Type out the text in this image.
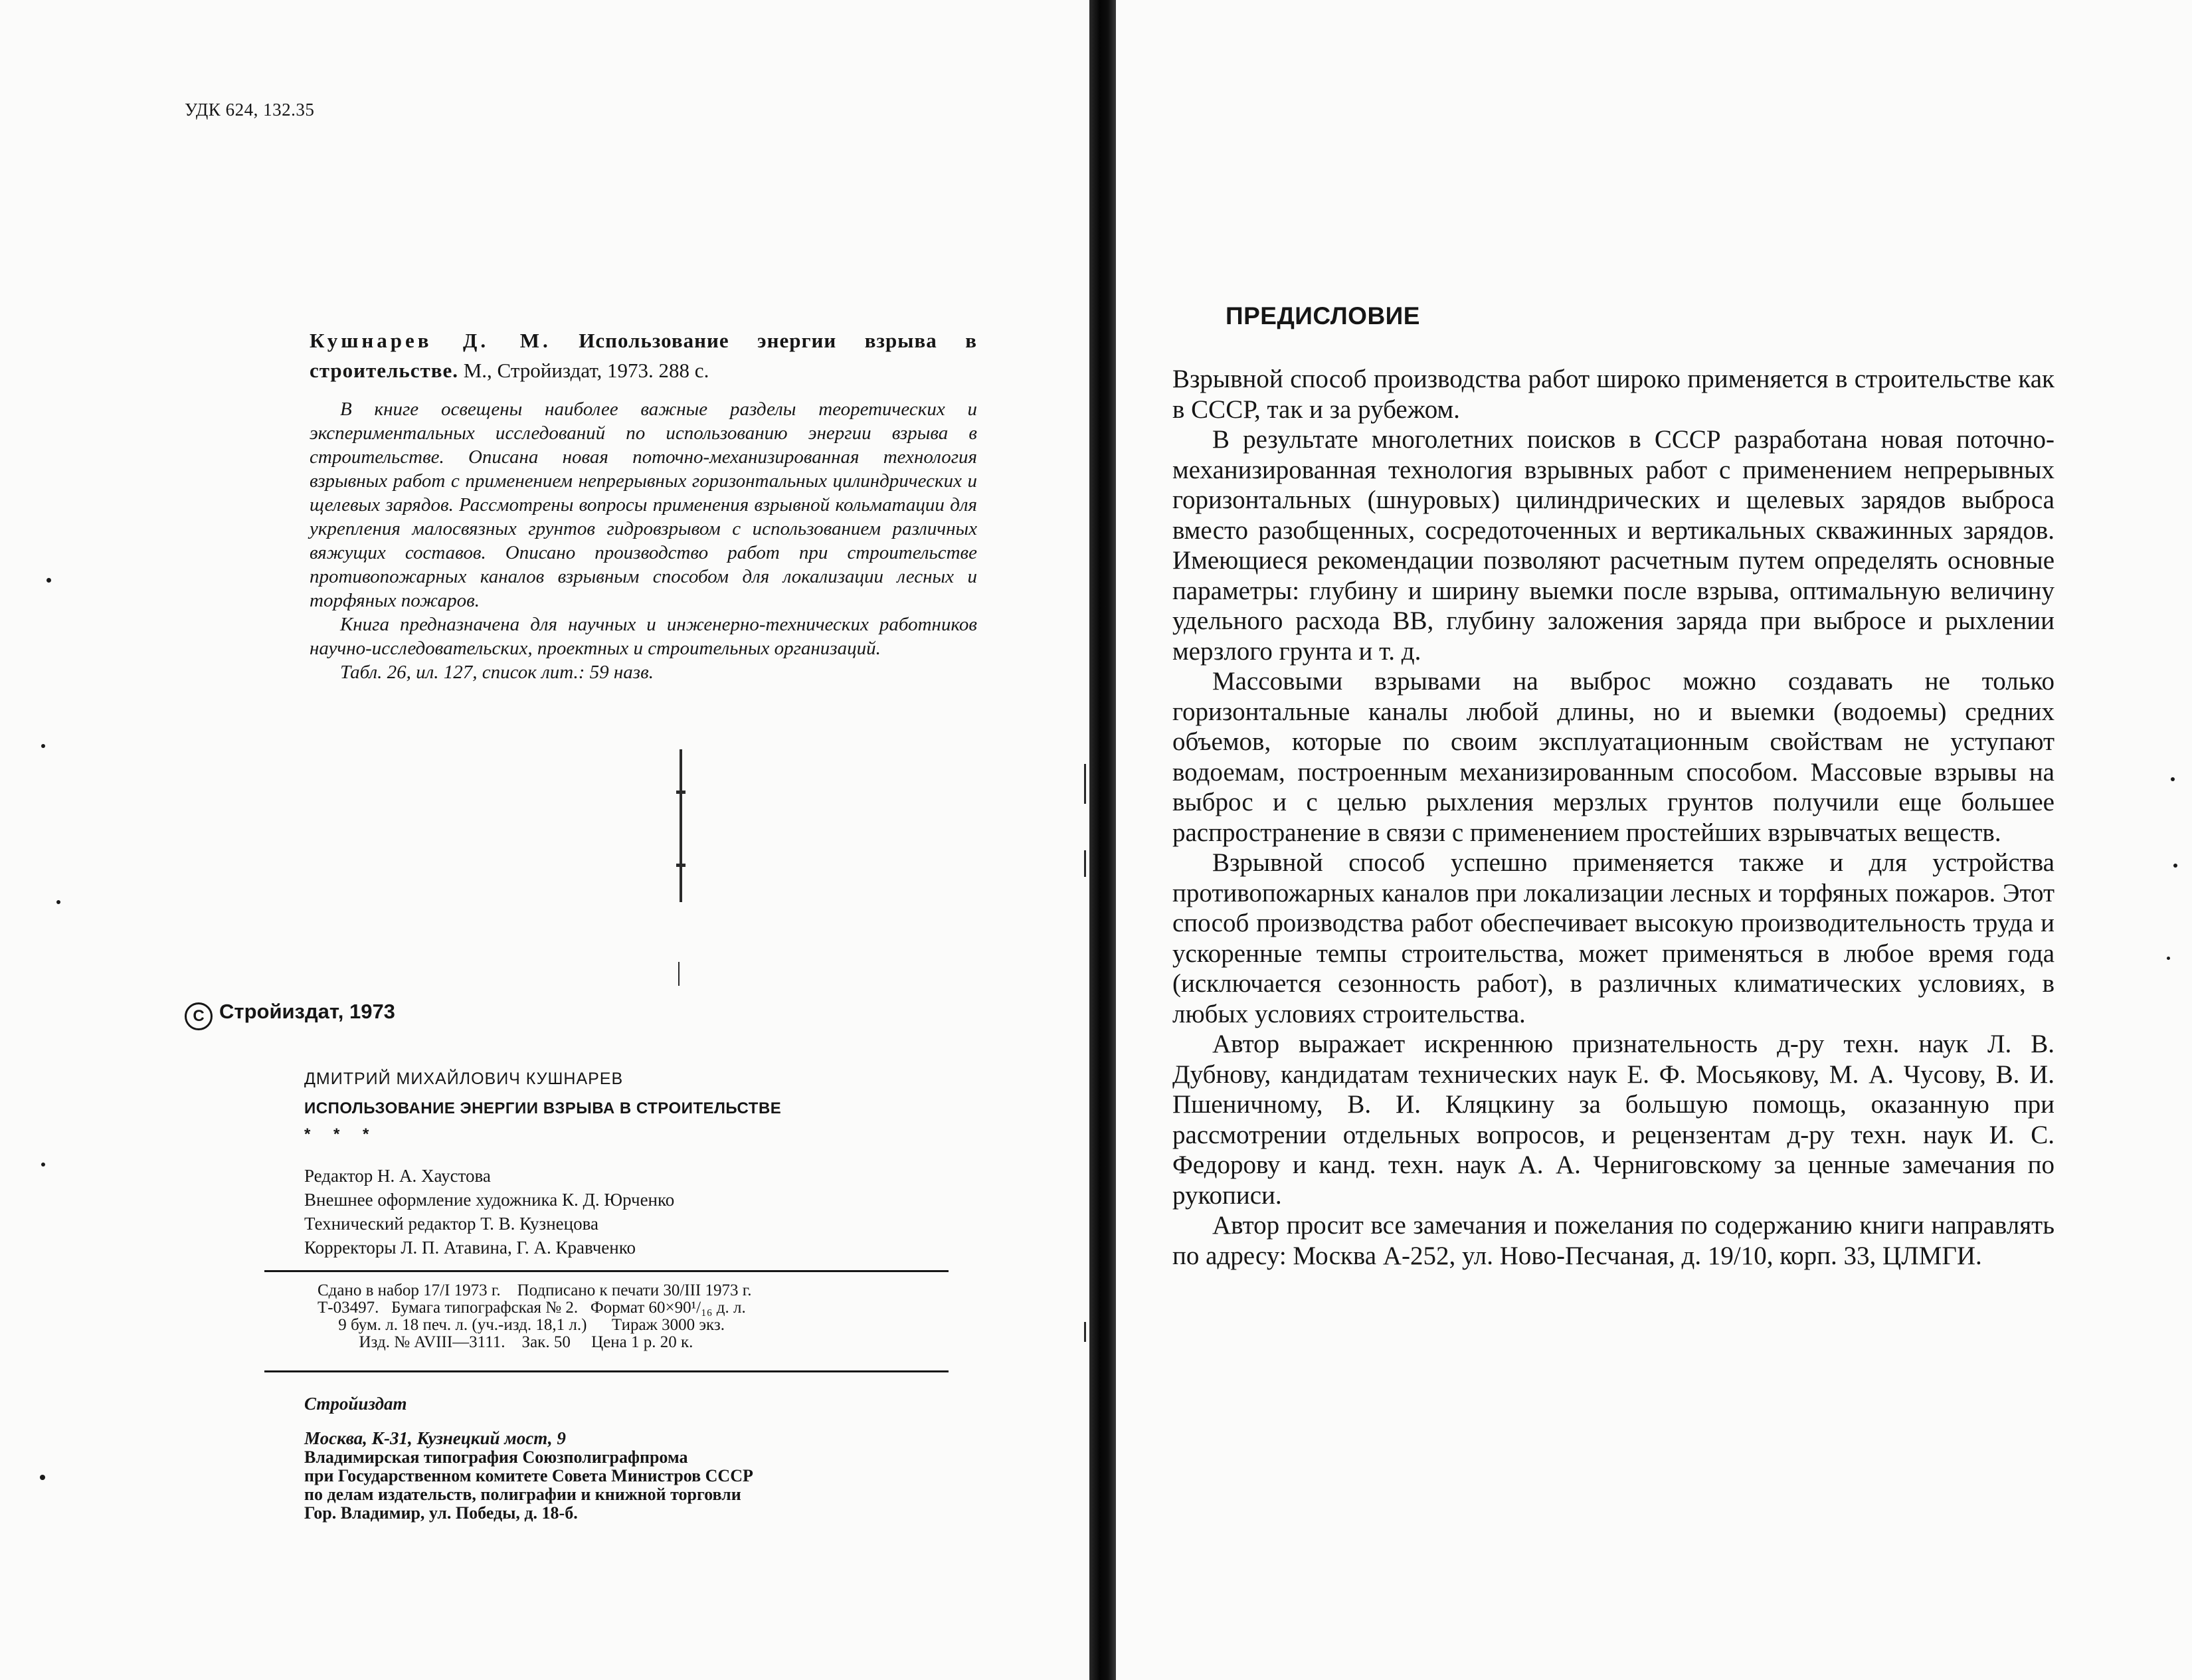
УДК 624, 132.35
Кушнарев Д. М. Использование энергии взрыва в строительстве. М., Стройиздат, 1973. 288 с.

В книге освещены наиболее важные разделы теоретических и экспериментальных исследований по использованию энергии взрыва в строительстве. Описана новая поточно-механизированная технология взрывных работ с применением непрерывных горизонтальных цилиндрических и щелевых зарядов. Рассмотрены вопросы применения взрывной кольматации для укрепления малосвязных грунтов гидровзрывом с использованием различных вяжущих составов. Описано производство работ при строительстве противопожарных каналов взрывным способом для локализации лесных и торфяных пожаров.

Книга предназначена для научных и инженерно-технических работников научно-исследовательских, проектных и строительных организаций.

Табл. 26, ил. 127, список лит.: 59 назв.

C Стройиздат, 1973
ДМИТРИЙ МИХАЙЛОВИЧ КУШНАРЕВ
ИСПОЛЬЗОВАНИЕ ЭНЕРГИИ ВЗРЫВА В СТРОИТЕЛЬСТВЕ
* * *
Редактор Н. А. Хаустова
Внешнее оформление художника К. Д. Юрченко
Технический редактор Т. В. Кузнецова
Корректоры Л. П. Атавина, Г. А. Кравченко
Сдано в набор 17/I 1973 г.    Подписано к печати 30/III 1973 г.
Т-03497.   Бумага типографская № 2.   Формат 60×90¹/₁₆ д. л.
9 бум. л. 18 печ. л. (уч.-изд. 18,1 л.)      Тираж 3000 экз.
Изд. № AVIII—3111.    Зак. 50     Цена 1 р. 20 к.
Стройиздат
Москва, К-31, Кузнецкий мост, 9
Владимирская типография Союзполиграфпрома
при Государственном комитете Совета Министров СССР
по делам издательств, полиграфии и книжной торговли
Гор. Владимир, ул. Победы, д. 18-б.
ПРЕДИСЛОВИЕ

Взрывной способ производства работ широко применяется в строительстве как в СССР, так и за рубежом.

В результате многолетних поисков в СССР разработана новая поточно-механизированная технология взрывных работ с применением непрерывных горизонтальных (шнуровых) цилиндрических и щелевых зарядов выброса вместо разобщенных, сосредоточенных и вертикальных скважинных зарядов. Имеющиеся рекомендации позволяют расчетным путем определять основные параметры: глубину и ширину выемки после взрыва, оптимальную величину удельного расхода ВВ, глубину заложения заряда при выбросе и рыхлении мерзлого грунта и т. д.

Массовыми взрывами на выброс можно создавать не только горизонтальные каналы любой длины, но и выемки (водоемы) средних объемов, которые по своим эксплуатационным свойствам не уступают водоемам, построенным механизированным способом. Массовые взрывы на выброс и с целью рыхления мерзлых грунтов получили еще большее распространение в связи с применением простейших взрывчатых веществ.

Взрывной способ успешно применяется также и для устройства противопожарных каналов при локализации лесных и торфяных пожаров. Этот способ производства работ обеспечивает высокую производительность труда и ускоренные темпы строительства, может применяться в любое время года (исключается сезонность работ), в различных климатических условиях, в любых условиях строительства.

Автор выражает искреннюю признательность д-ру техн. наук Л. В. Дубнову, кандидатам технических наук Е. Ф. Мосьякову, М. А. Чусову, В. И. Пшеничному, В. И. Кляцкину за большую помощь, оказанную при рассмотрении отдельных вопросов, и рецензентам д-ру техн. наук И. С. Федорову и канд. техн. наук А. А. Черниговскому за ценные замечания по рукописи.

Автор просит все замечания и пожелания по содержанию книги направлять по адресу: Москва А-252, ул. Ново-Песчаная, д. 19/10, корп. 33, ЦЛМГИ.
